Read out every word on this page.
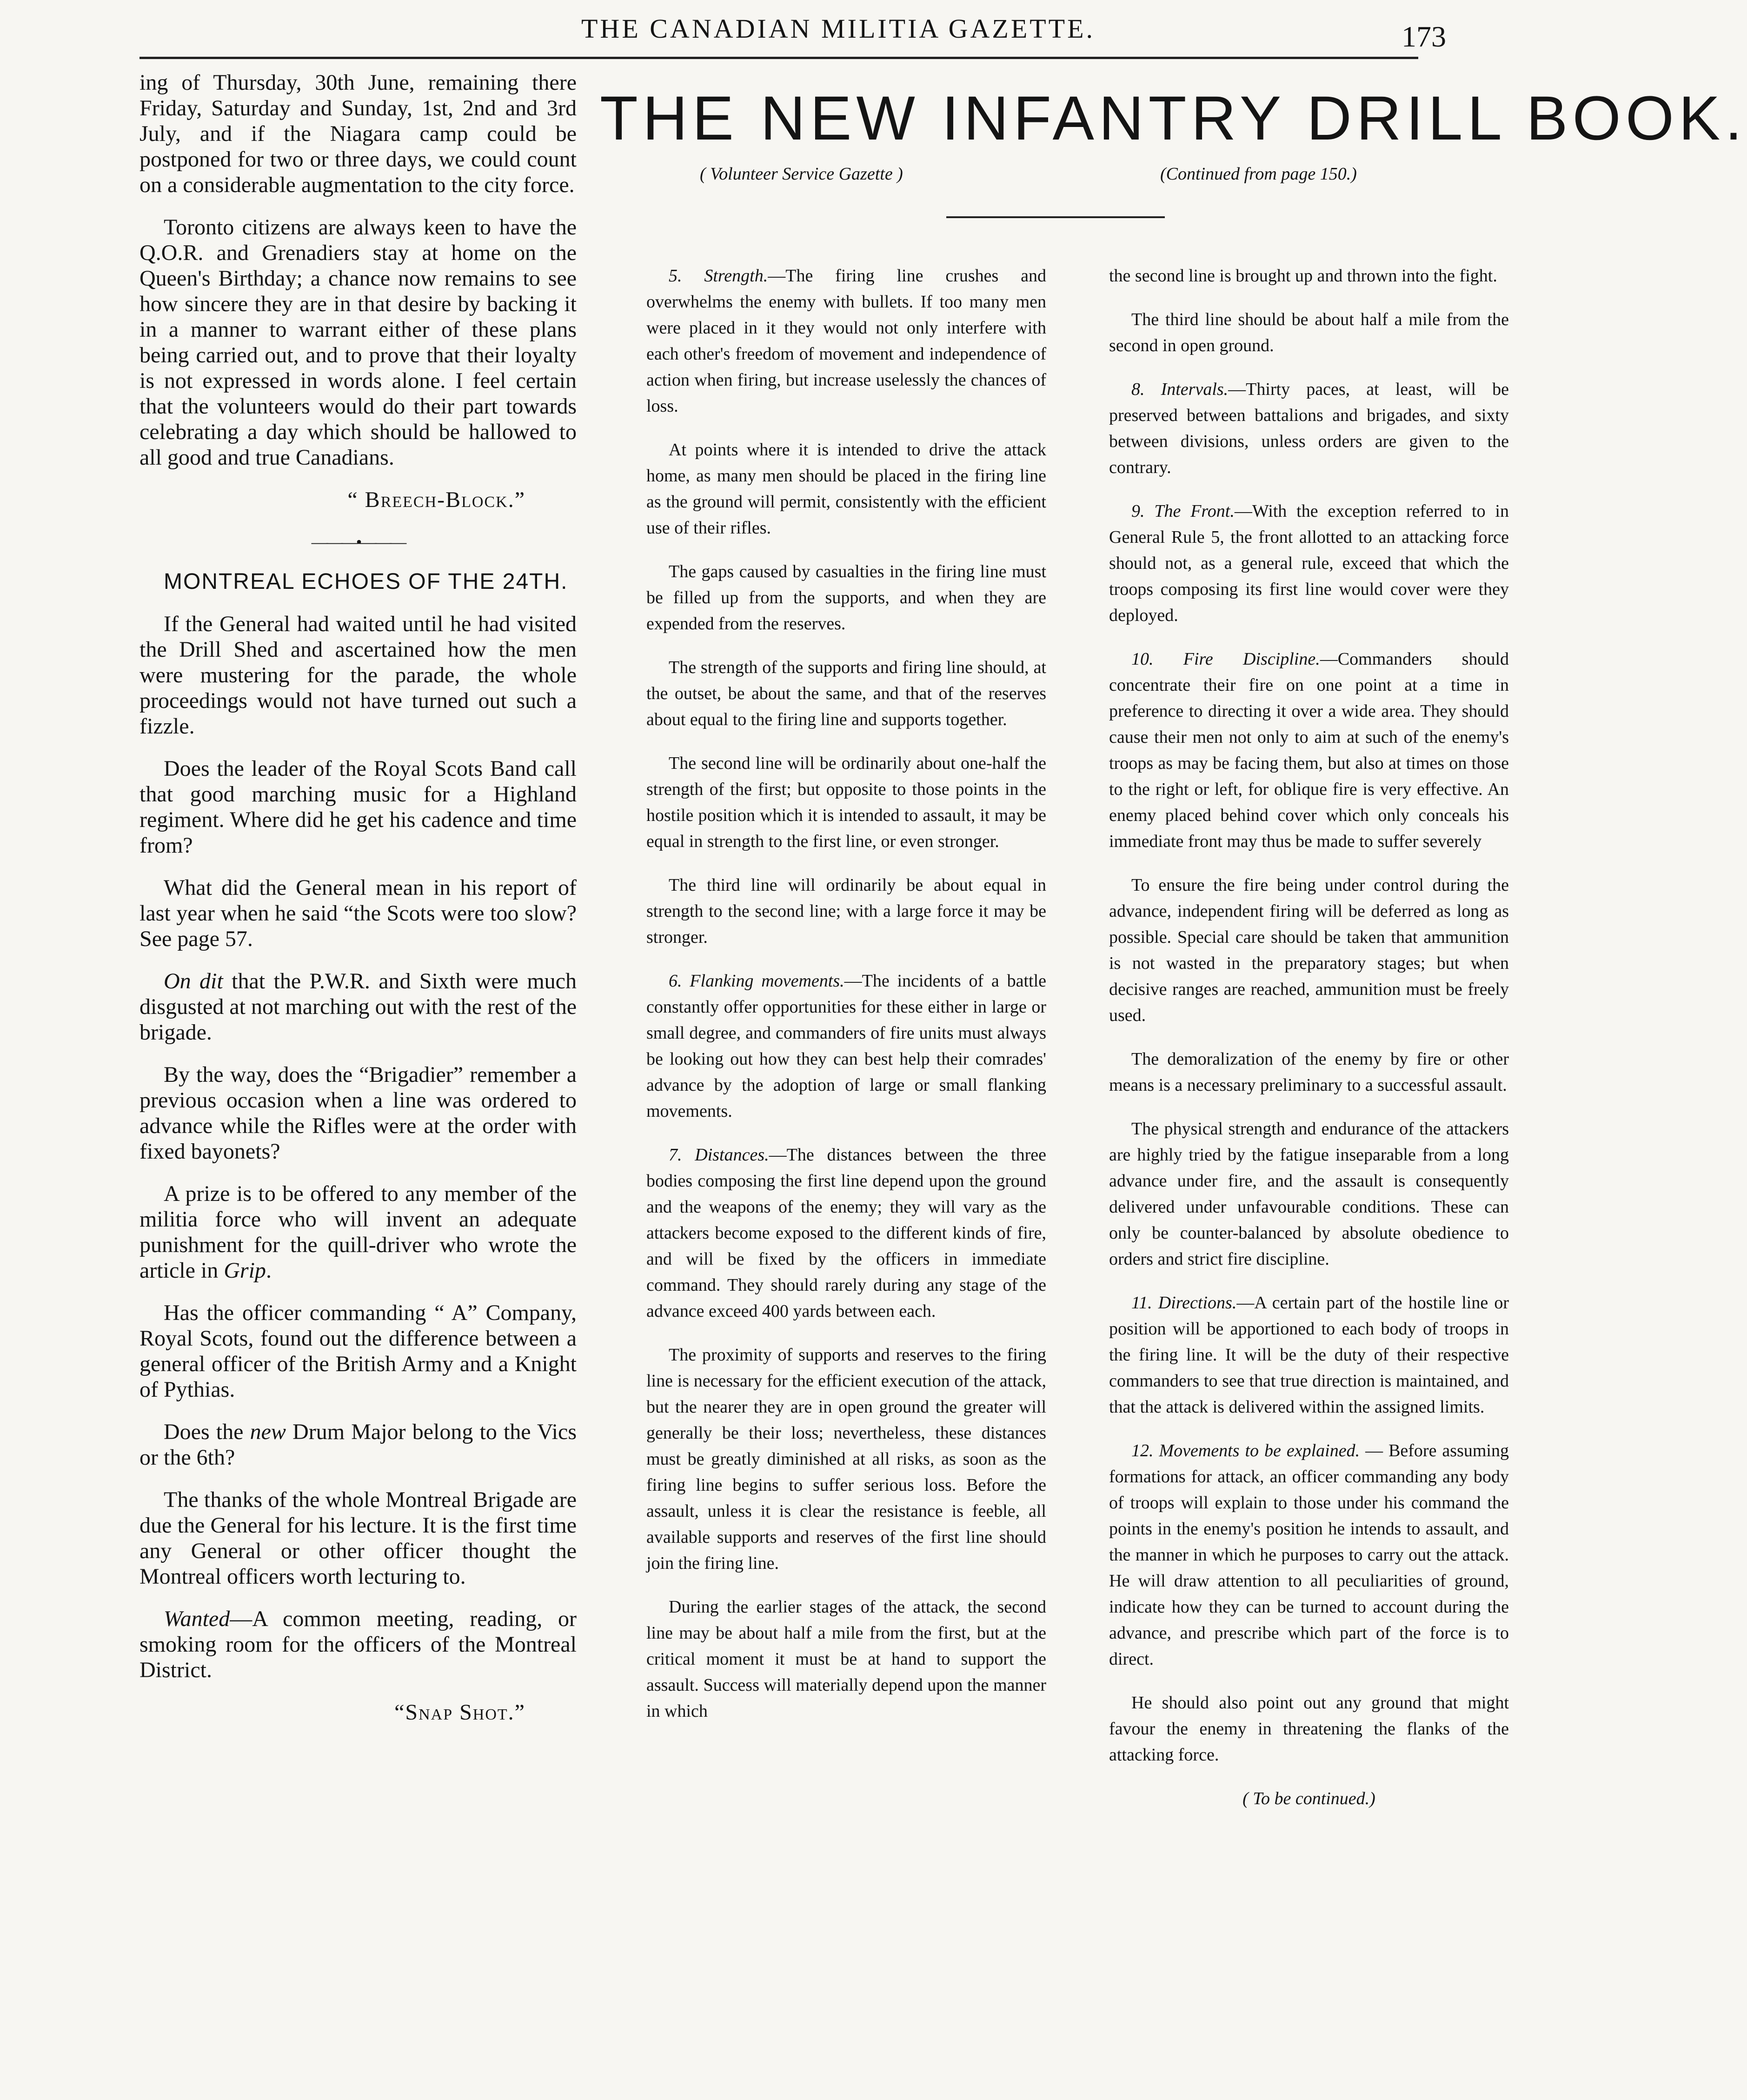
THE CANADIAN MILITIA GAZETTE.	173

ing of Thursday, 30th June, remaining there Friday, Saturday and Sunday, 1st, 2nd and 3rd July, and if the Niagara camp could be postponed for two or three days, we could count on a considerable augmentation to the city force.

Toronto citizens are always keen to have the Q.O.R. and Grenadiers stay at home on the Queen's Birthday; a chance now remains to see how sincere they are in that desire by backing it in a manner to warrant either of these plans being carried out, and to prove that their loyalty is not expressed in words alone. I feel certain that the volunteers would do their part towards celebrating a day which should be hallowed to all good and true Canadians.

“ Breech-Block.”

———•———

MONTREAL ECHOES OF THE 24TH.

If the General had waited until he had visited the Drill Shed and ascertained how the men were mustering for the parade, the whole proceedings would not have turned out such a fizzle.

Does the leader of the Royal Scots Band call that good marching music for a Highland regiment. Where did he get his cadence and time from?

What did the General mean in his report of last year when he said “the Scots were too slow? See page 57.

On dit that the P.W.R. and Sixth were much disgusted at not marching out with the rest of the brigade.

By the way, does the “Brigadier” remember a previous occasion when a line was ordered to advance while the Rifles were at the order with fixed bayonets?

A prize is to be offered to any member of the militia force who will invent an adequate punishment for the quill-driver who wrote the article in Grip.

Has the officer commanding “ A” Company, Royal Scots, found out the difference between a general officer of the British Army and a Knight of Pythias.

Does the new Drum Major belong to the Vics or the 6th?

The thanks of the whole Montreal Brigade are due the General for his lecture. It is the first time any General or other officer thought the Montreal officers worth lecturing to.

Wanted—A common meeting, reading, or smoking room for the officers of the Montreal District.

“Snap Shot.”

THE NEW INFANTRY DRILL BOOK.
( Volunteer Service Gazette )	(Continued from page 150.)

5. Strength.—The firing line crushes and overwhelms the enemy with bullets. If too many men were placed in it they would not only interfere with each other's freedom of movement and independence of action when firing, but increase uselessly the chances of loss.

At points where it is intended to drive the attack home, as many men should be placed in the firing line as the ground will permit, consistently with the efficient use of their rifles.

The gaps caused by casualties in the firing line must be filled up from the supports, and when they are expended from the reserves.

The strength of the supports and firing line should, at the outset, be about the same, and that of the reserves about equal to the firing line and supports together.

The second line will be ordinarily about one-half the strength of the first; but opposite to those points in the hostile position which it is intended to assault, it may be equal in strength to the first line, or even stronger.

The third line will ordinarily be about equal in strength to the second line; with a large force it may be stronger.

6. Flanking movements.—The incidents of a battle constantly offer opportunities for these either in large or small degree, and commanders of fire units must always be looking out how they can best help their comrades' advance by the adoption of large or small flanking movements.

7. Distances.—The distances between the three bodies composing the first line depend upon the ground and the weapons of the enemy; they will vary as the attackers become exposed to the different kinds of fire, and will be fixed by the officers in immediate command. They should rarely during any stage of the advance exceed 400 yards between each.

The proximity of supports and reserves to the firing line is necessary for the efficient execution of the attack, but the nearer they are in open ground the greater will generally be their loss; nevertheless, these distances must be greatly diminished at all risks, as soon as the firing line begins to suffer serious loss. Before the assault, unless it is clear the resistance is feeble, all available supports and reserves of the first line should join the firing line.

During the earlier stages of the attack, the second line may be about half a mile from the first, but at the critical moment it must be at hand to support the assault. Success will materially depend upon the manner in which

the second line is brought up and thrown into the fight.

The third line should be about half a mile from the second in open ground.

8. Intervals.—Thirty paces, at least, will be preserved between battalions and brigades, and sixty between divisions, unless orders are given to the contrary.

9. The Front.—With the exception referred to in General Rule 5, the front allotted to an attacking force should not, as a general rule, exceed that which the troops composing its first line would cover were they deployed.

10. Fire Discipline.—Commanders should concentrate their fire on one point at a time in preference to directing it over a wide area. They should cause their men not only to aim at such of the enemy's troops as may be facing them, but also at times on those to the right or left, for oblique fire is very effective. An enemy placed behind cover which only conceals his immediate front may thus be made to suffer severely

To ensure the fire being under control during the advance, independent firing will be deferred as long as possible. Special care should be taken that ammunition is not wasted in the preparatory stages; but when decisive ranges are reached, ammunition must be freely used.

The demoralization of the enemy by fire or other means is a necessary preliminary to a successful assault.

The physical strength and endurance of the attackers are highly tried by the fatigue inseparable from a long advance under fire, and the assault is consequently delivered under unfavourable conditions. These can only be counter-balanced by absolute obedience to orders and strict fire discipline.

11. Directions.—A certain part of the hostile line or position will be apportioned to each body of troops in the firing line. It will be the duty of their respective commanders to see that true direction is maintained, and that the attack is delivered within the assigned limits.

12. Movements to be explained. — Before assuming formations for attack, an officer commanding any body of troops will explain to those under his command the points in the enemy's position he intends to assault, and the manner in which he purposes to carry out the attack. He will draw attention to all peculiarities of ground, indicate how they can be turned to account during the advance, and prescribe which part of the force is to direct.

He should also point out any ground that might favour the enemy in threatening the flanks of the attacking force.

( To be continued.)
